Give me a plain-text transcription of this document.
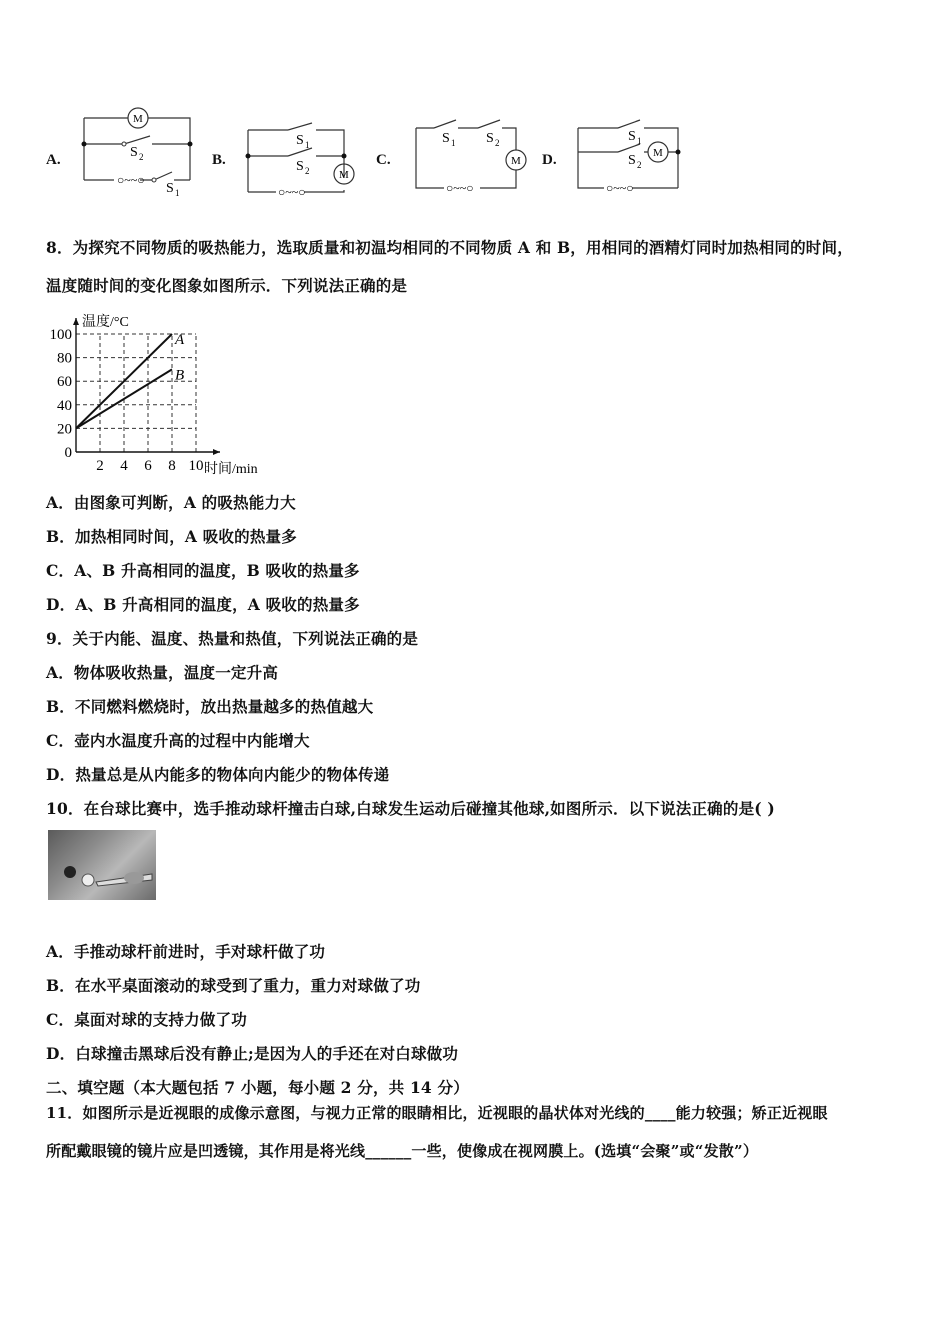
A.
○~~○
M
S 2
S 1
B.
○~~○
M
S 1
S 2
C.
○~~○
M
S 1 S 2
D.
○~~○
M
S 1
S 2
8．为探究不同物质的吸热能力，选取质量和初温均相同的不同物质 A 和 B，用相同的酒精灯同时加热相同的时间，
温度随时间的变化图象如图所示．下列说法正确的是
0
20
40
60
80
100
2 4 6 8 10
A
B
温度/°C
时间/min
A．由图象可判断，A 的吸热能力大
B．加热相同时间，A 吸收的热量多
C．A、B 升高相同的温度，B 吸收的热量多
D．A、B 升高相同的温度，A 吸收的热量多
9．关于内能、温度、热量和热值，下列说法正确的是
A．物体吸收热量，温度一定升高
B．不同燃料燃烧时，放出热量越多的热值越大
C．壶内水温度升高的过程中内能增大
D．热量总是从内能多的物体向内能少的物体传递
10．在台球比赛中，选手推动球杆撞击白球,白球发生运动后碰撞其他球,如图所示．以下说法正确的是( )
A．手推动球杆前进时，手对球杆做了功
B．在水平桌面滚动的球受到了重力，重力对球做了功
C．桌面对球的支持力做了功
D．白球撞击黑球后没有静止;是因为人的手还在对白球做功
二、填空题（本大题包括 7 小题，每小题 2 分，共 14 分）
11．如图所示是近视眼的成像示意图，与视力正常的眼睛相比，近视眼的晶状体对光线的____能力较强；矫正近视眼
所配戴眼镜的镜片应是凹透镜，其作用是将光线______一些，使像成在视网膜上。(选填“会聚”或“发散”）
